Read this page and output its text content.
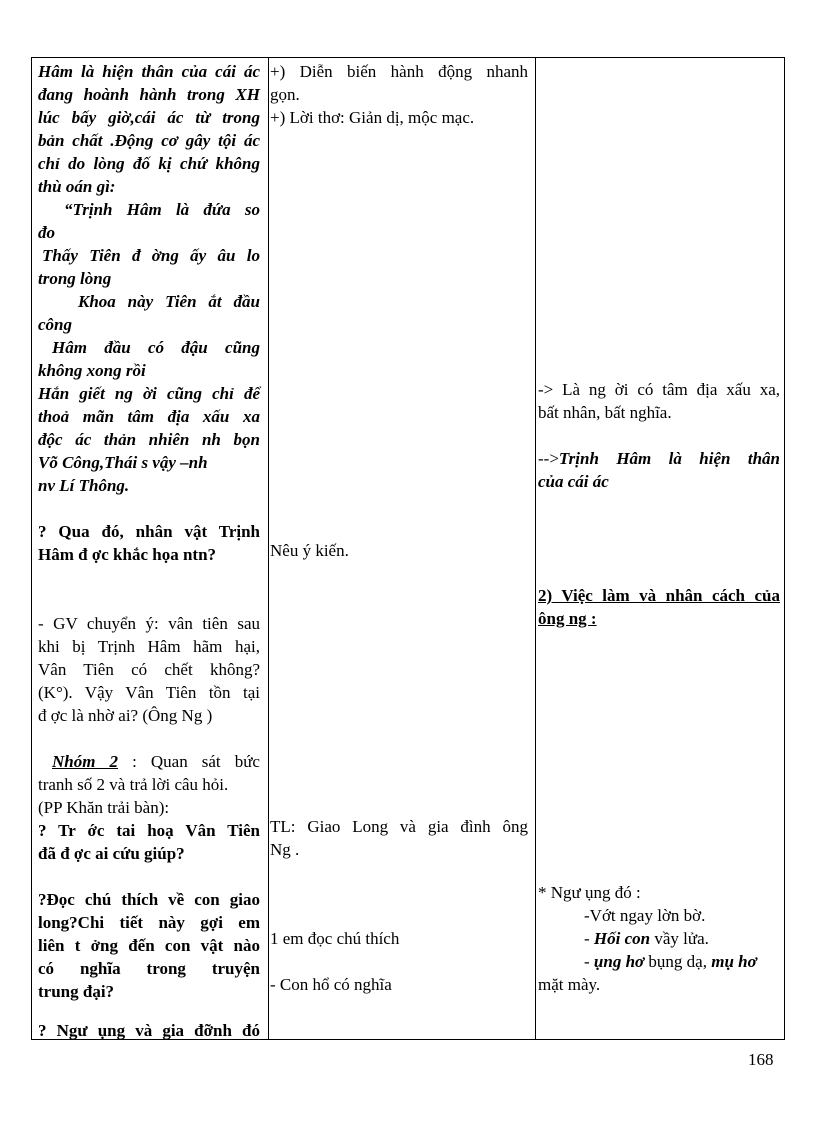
Hâm là hiện thân của cái ác
đang hoành hành trong XH
lúc bấy giờ,cái ác từ trong
bản chất .Động cơ gây tội ác
chỉ do lòng đố kị chứ không
thù oán gì:
“Trịnh Hâm là đứa so
đo
Thấy Tiên đ ờng ấy âu lo
trong lòng
Khoa này Tiên ắt đầu
công
Hâm đầu có đậu cũng
không xong rồi
Hắn giết ng ời cũng chỉ để
thoả mãn tâm địa xấu xa
độc ác thản nhiên nh bọn
Võ Công,Thái s vậy –nh
nv Lí Thông.
? Qua đó, nhân vật Trịnh
Hâm đ ợc khắc họa ntn?
- GV chuyển ý: vân tiên sau
khi bị Trịnh Hâm hãm hại,
Vân Tiên có chết không?
(K°). Vậy Vân Tiên tồn tại
đ ợc là nhờ ai? (Ông Ng )
Nhóm 2 : Quan sát bức
tranh số 2 và trả lời câu hỏi.
(PP Khăn trải bàn):
? Tr ớc tai hoạ Vân Tiên
đã đ ợc ai cứu giúp?
?Đọc chú thích về con giao
long?Chi tiết này gợi em
liên t ởng đến con vật nào
có nghĩa trong truyện
trung đại?
? Ngư ụng và gia đỡnh đó
+) Diễn biến hành động nhanh
gọn.
+) Lời thơ: Giản dị, mộc mạc.
Nêu ý kiến.
TL: Giao Long và gia đình ông
Ng .
1 em đọc chú thích
- Con hổ có nghĩa
-> Là ng ời có tâm địa xấu xa,
bất nhân, bất nghĩa.
-->Trịnh Hâm là hiện thân
của cái ác
2) Việc làm và nhân cách của
ông ng :
* Ngư ụng đó :
-Vớt ngay lờn bờ.
- Hối con vầy lửa.
- ụng hơ bụng dạ, mụ hơ
mặt mày.
168
